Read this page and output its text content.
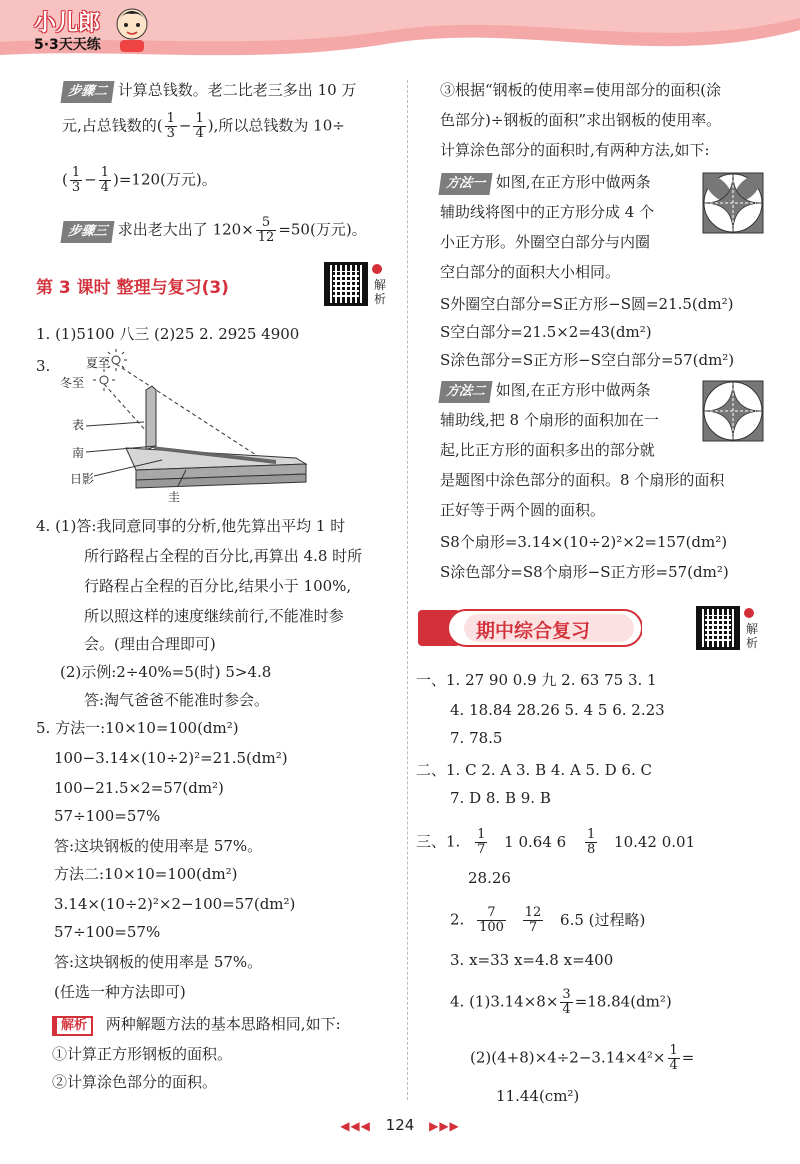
小儿郎
5·3天天练
步骤二 计算总钱数。老二比老三多出 10 万
元,占总钱数的( $\frac{1}{3} - \frac{1}{4}$ ),所以总钱数为 10÷
( $\frac{1}{3} - \frac{1}{4} )=120$(万元)。
步骤三 求出老大出了 $120\times \frac{5}{12} =50$(万元)。
第 3 课时 整理与复习(3)	解析
1. (1)5100 八三 (2)25 2. 2925 4900
3.	夏至
冬至
表
南
日影
圭
4. (1)答:我同意同事的分析,他先算出平均 1 时
所行路程占全程的百分比,再算出 4.8 时所
行路程占全程的百分比,结果小于 100%,
所以照这样的速度继续前行,不能准时参
会。(理由合理即可)
(2)示例:2÷40%=5(时) 5>4.8
答:淘气爸爸不能准时参会。
5. 方法一:10×10=100(dm²)
100−3.14×(10÷2)²=21.5(dm²)
100−21.5×2=57(dm²)
57÷100=57%
答:这块钢板的使用率是 57%。
方法二:10×10=100(dm²)
3.14×(10÷2)²×2−100=57(dm²)
57÷100=57%
答:这块钢板的使用率是 57%。
(任选一种方法即可)
解析 两种解题方法的基本思路相同,如下:
①计算正方形钢板的面积。
②计算涂色部分的面积。
③根据“钢板的使用率=使用部分的面积(涂
色部分)÷钢板的面积”求出钢板的使用率。
计算涂色部分的面积时,有两种方法,如下:
方法一 如图,在正方形中做两条
辅助线将图中的正方形分成 4 个
小正方形。外圈空白部分与内圈
空白部分的面积大小相同。
S外圈空白部分=S正方形−S圆=21.5(dm²)
S空白部分=21.5×2=43(dm²)
S涂色部分=S正方形−S空白部分=57(dm²)
方法二 如图,在正方形中做两条
辅助线,把 8 个扇形的面积加在一
起,比正方形的面积多出的部分就
是题图中涂色部分的面积。8 个扇形的面积
正好等于两个圆的面积。
S8个扇形=3.14×(10÷2)²×2=157(dm²)
S涂色部分=S8个扇形−S正方形=57(dm²)
期中综合复习	解析
一、1. 27 90 0.9 九 2. 63 75 3. 1
4. 18.84 28.26 5. 4 5 6. 2.23
7. 78.5
二、1. C 2. A 3. B 4. A 5. D 6. C
7. D 8. B 9. B
三、1. $\frac{1}{7} 1$ 0.64 $6 \frac{1}{8} 10.42$ 0.01
28.26
2. $\frac{7}{100}$
$\frac{12}{7} 6.5$ (过程略)
3. x=33 x=4.8 x=400
4. $(1)3.14\times 8\times \frac{3}{4} =18.84(dm^2)$
$(2)(4+8)\times 4\div 2-3.14\times 4^2\times \frac{1}{4}$ =
11.44(cm²)
◀◀◀ 124 ▶▶▶
